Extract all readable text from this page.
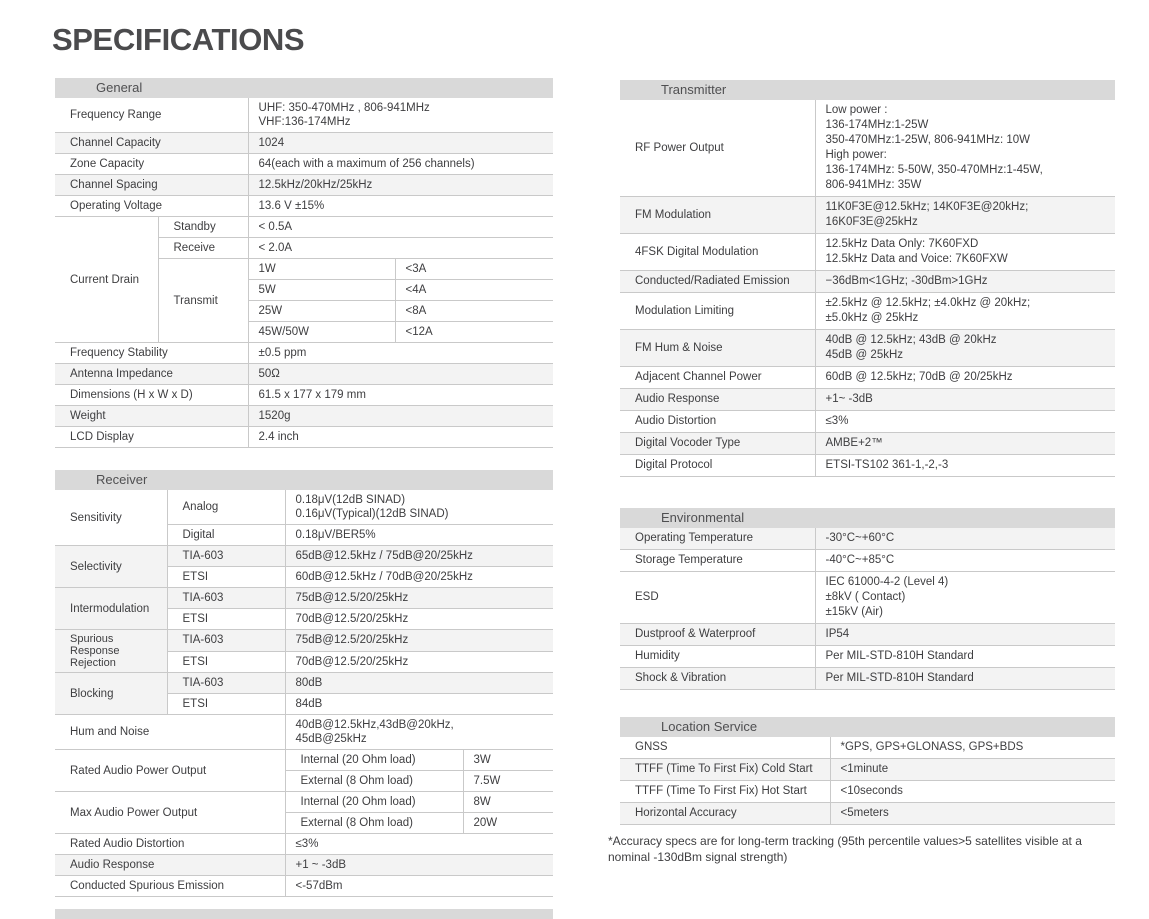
SPECIFICATIONS
General
Frequency Range		UHF: 350-470MHz , 806-941MHz
VHF:136-174MHz	
Channel Capacity		1024	
Zone Capacity		64(each with a maximum of 256 channels)	
Channel Spacing		12.5kHz/20kHz/25kHz	
Operating Voltage		13.6 V ±15%	
Current Drain	Standby	< 0.5A	
	Receive	< 2.0A	
	Transmit	1W	<3A
		5W	<4A
		25W	<8A
		45W/50W	<12A
Frequency Stability		±0.5 ppm	
Antenna Impedance		50Ω	
Dimensions (H x W x D)		61.5 x 177 x 179 mm	
Weight		1520g	
LCD Display		2.4 inch	
Receiver
Sensitivity	Analog	0.18μV(12dB SINAD)
0.16μV(Typical)(12dB SINAD)	
	Digital	0.18μV/BER5%	
Selectivity	TIA-603	65dB@12.5kHz / 75dB@20/25kHz	
	ETSI	60dB@12.5kHz / 70dB@20/25kHz	
Intermodulation	TIA-603	75dB@12.5/20/25kHz	
	ETSI	70dB@12.5/20/25kHz	
Spurious
Response
Rejection	TIA-603	75dB@12.5/20/25kHz	
	ETSI	70dB@12.5/20/25kHz	
Blocking	TIA-603	80dB	
	ETSI	84dB	
Hum and Noise		40dB@12.5kHz,43dB@20kHz,
45dB@25kHz	
Rated Audio Power Output		Internal (20 Ohm load)	3W
		External (8 Ohm load)	7.5W
Max Audio Power Output		Internal (20 Ohm load)	8W
		External (8 Ohm load)	20W
Rated Audio Distortion		≤3%	
Audio Response		+1 ~ -3dB	
Conducted Spurious Emission		<-57dBm	
Transmitter
RF Power Output	Low power :
136-174MHz:1-25W
350-470MHz:1-25W, 806-941MHz: 10W
High power:
136-174MHz: 5-50W, 350-470MHz:1-45W,
806-941MHz: 35W
FM Modulation	11K0F3E@12.5kHz; 14K0F3E@20kHz;
16K0F3E@25kHz
4FSK Digital Modulation	12.5kHz Data Only: 7K60FXD
12.5kHz Data and Voice: 7K60FXW
Conducted/Radiated Emission	−36dBm<1GHz; -30dBm>1GHz
Modulation Limiting	±2.5kHz @ 12.5kHz; ±4.0kHz @ 20kHz;
±5.0kHz @ 25kHz
FM Hum & Noise	40dB @ 12.5kHz; 43dB @ 20kHz
45dB @ 25kHz
Adjacent Channel Power	60dB @ 12.5kHz; 70dB @ 20/25kHz
Audio Response	+1~ -3dB
Audio Distortion	≤3%
Digital Vocoder Type	AMBE+2™
Digital Protocol	ETSI-TS102 361-1,-2,-3
Environmental
Operating Temperature	-30°C~+60°C
Storage Temperature	-40°C~+85°C
ESD	IEC 61000-4-2 (Level 4)
±8kV ( Contact)
±15kV (Air)
Dustproof & Waterproof	IP54
Humidity	Per MIL-STD-810H Standard
Shock & Vibration	Per MIL-STD-810H Standard
Location Service
GNSS	*GPS, GPS+GLONASS, GPS+BDS
TTFF (Time To First Fix) Cold Start	<1minute
TTFF (Time To First Fix) Hot Start	<10seconds
Horizontal Accuracy	<5meters
*Accuracy specs are for long-term tracking (95th percentile values>5 satellites visible at a nominal -130dBm signal strength)
